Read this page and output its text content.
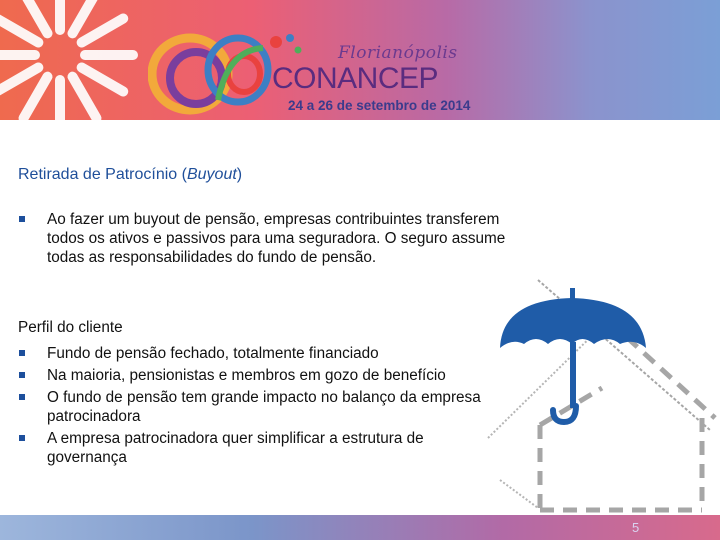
Florianópolis
CONANCEP
24 a 26 de setembro de 2014
Retirada de Patrocínio (Buyout)
Ao fazer um buyout de pensão, empresas contribuintes transferem todos os ativos e passivos para uma seguradora. O seguro assume todas as responsabilidades do fundo de pensão.
Perfil do cliente
Fundo de pensão fechado, totalmente financiado
Na maioria, pensionistas e membros em gozo de benefício
O fundo de pensão tem grande impacto no balanço da empresa patrocinadora
A empresa patrocinadora quer simplificar a estrutura de governança
5
